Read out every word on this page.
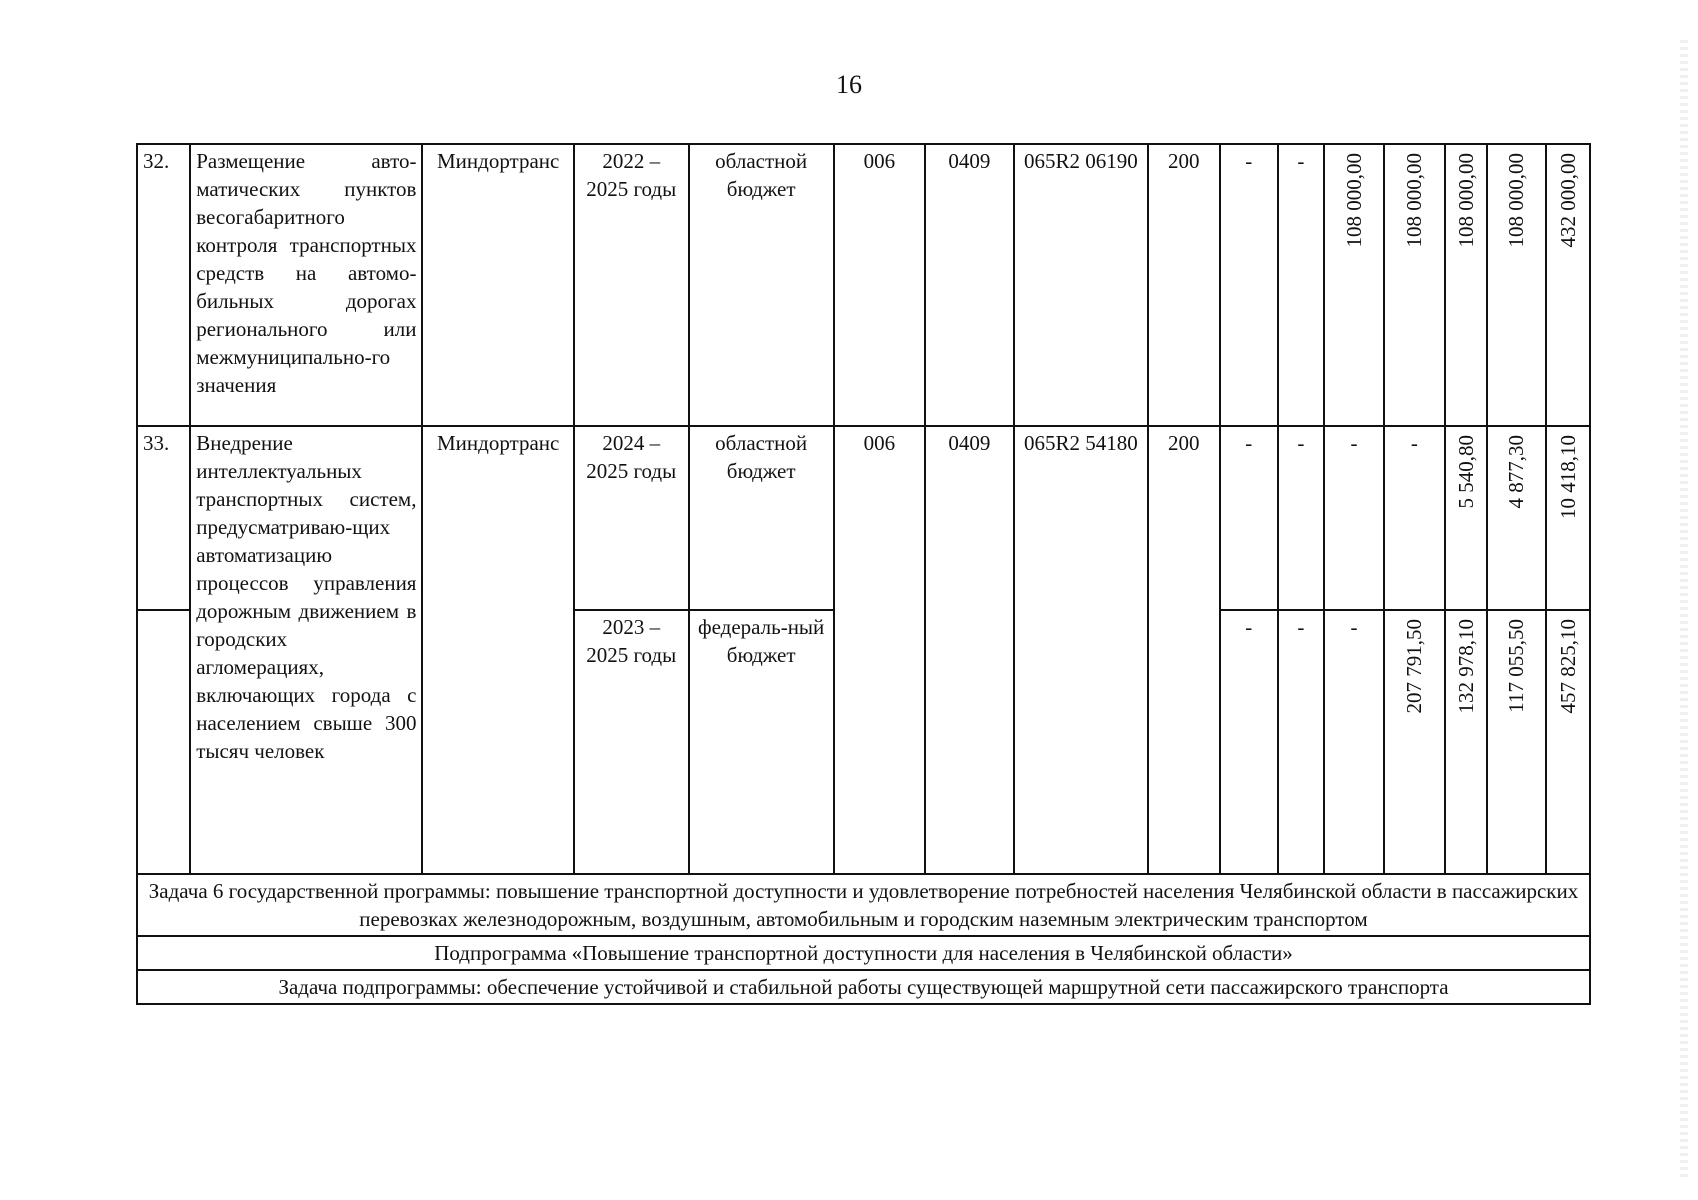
16
32.	Размещение авто-матических пунктов весогабаритного контроля транспортных средств на автомо-бильных дорогах регионального или межмуниципально-го значения	Миндортранс	2022 – 2025 годы	областной бюджет	006	0409	065R2 06190	200	-	-	108 000,00	108 000,00	108 000,00	108 000,00	432 000,00

33.	Внедрение интеллектуальных транспортных систем, предусматриваю-щих автоматизацию процессов управления дорожным движением в городских агломерациях, включающих города с населением свыше 300 тысяч человек	Миндортранс	2024 – 2025 годы	областной бюджет	006	0409	065R2 54180	200	-	-	-	-	5 540,80	4 877,30	10 418,10

			2023 – 2025 годы	федераль-ный бюджет					-	-	-	207 791,50	132 978,10	117 055,50	457 825,10

Задача 6 государственной программы: повышение транспортной доступности и удовлетворение потребностей населения Челябинской области в пассажирских перевозках железнодорожным, воздушным, автомобильным и городским наземным электрическим транспортом															
Подпрограмма «Повышение транспортной доступности для населения в Челябинской области»															
Задача подпрограммы: обеспечение устойчивой и стабильной работы существующей маршрутной сети пассажирского транспорта															
